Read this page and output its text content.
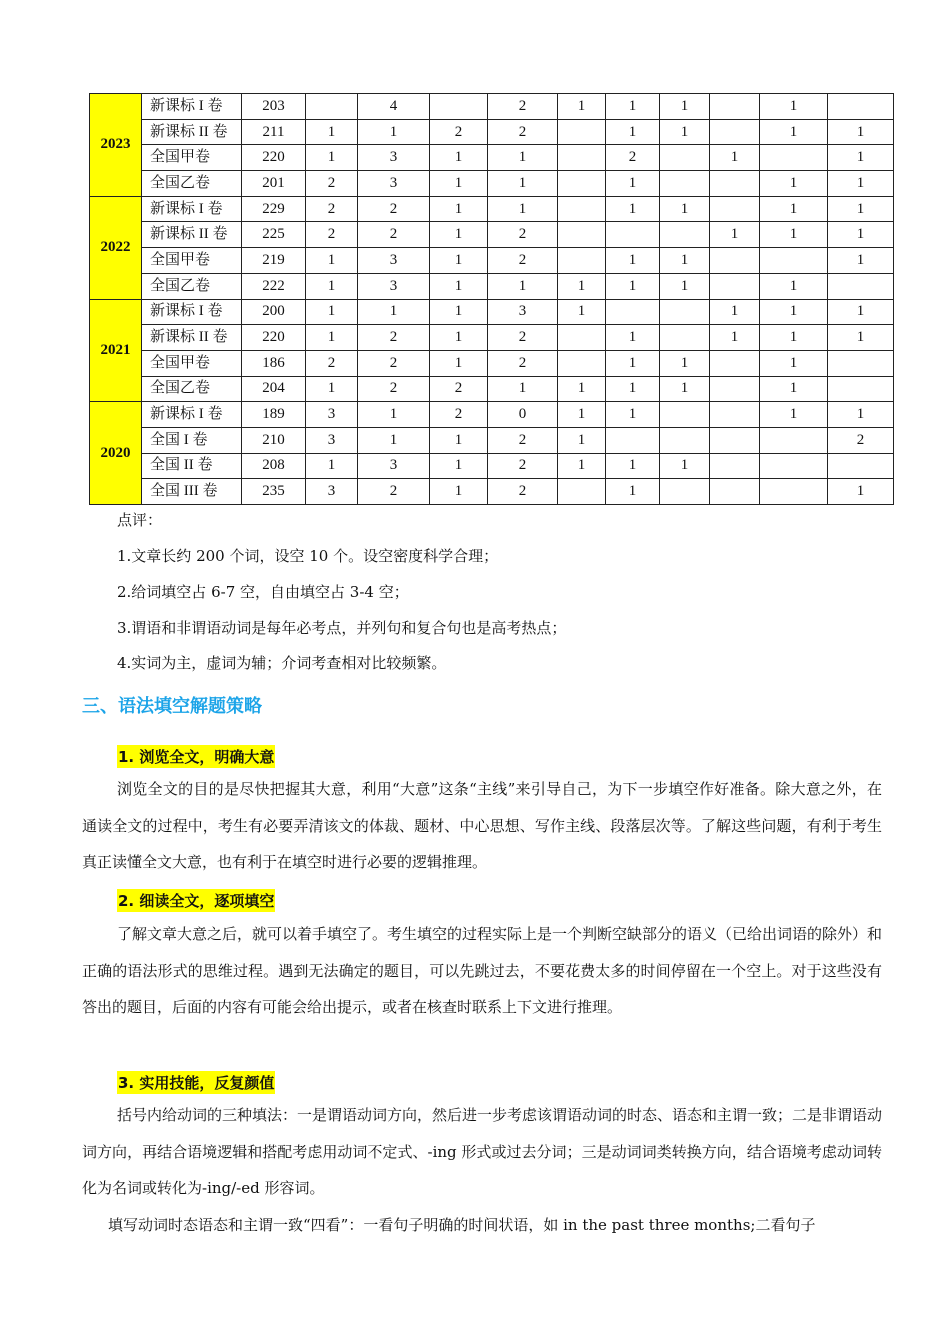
2023	新课标 I 卷	203		4		2	1	1	1		1	
	新课标 II 卷	211	1	1	2	2		1	1		1	1
	全国甲卷	220	1	3	1	1		2		1		1
	全国乙卷	201	2	3	1	1		1			1	1
2022	新课标 I 卷	229	2	2	1	1		1	1		1	1
	新课标 II 卷	225	2	2	1	2				1	1	1
	全国甲卷	219	1	3	1	2		1	1			1
	全国乙卷	222	1	3	1	1	1	1	1		1	
2021	新课标 I 卷	200	1	1	1	3	1			1	1	1
	新课标 II 卷	220	1	2	1	2		1		1	1	1
	全国甲卷	186	2	2	1	2		1	1		1	
	全国乙卷	204	1	2	2	1	1	1	1		1	
2020	新课标 I 卷	189	3	1	2	0	1	1			1	1
	全国 I 卷	210	3	1	1	2	1					2
	全国 II 卷	208	1	3	1	2	1	1	1			
	全国 III 卷	235	3	2	1	2		1				1
点评：
1.文章长约 200 个词，设空 10 个。设空密度科学合理；
2.给词填空占 6-7 空，自由填空占 3-4 空；
3.谓语和非谓语动词是每年必考点，并列句和复合句也是高考热点；
4.实词为主，虚词为辅；介词考查相对比较频繁。
三、语法填空解题策略
1. 浏览全文，明确大意
浏览全文的目的是尽快把握其大意，利用“大意”这条“主线”来引导自己，为下一步填空作好准备。除大意之外，在通读全文的过程中，考生有必要弄清该文的体裁、题材、中心思想、写作主线、段落层次等。了解这些问题，有利于考生真正读懂全文大意，也有利于在填空时进行必要的逻辑推理。
2. 细读全文，逐项填空
了解文章大意之后，就可以着手填空了。考生填空的过程实际上是一个判断空缺部分的语义（已给出词语的除外）和正确的语法形式的思维过程。遇到无法确定的题目，可以先跳过去，不要花费太多的时间停留在一个空上。对于这些没有答出的题目，后面的内容有可能会给出提示，或者在核查时联系上下文进行推理。
3. 实用技能，反复颜值
括号内给动词的三种填法：一是谓语动词方向，然后进一步考虑该谓语动词的时态、语态和主谓一致；二是非谓语动词方向，再结合语境逻辑和搭配考虑用动词不定式、-ing 形式或过去分词；三是动词词类转换方向，结合语境考虑动词转化为名词或转化为-ing/-ed 形容词。
填写动词时态语态和主谓一致“四看”：一看句子明确的时间状语，如 in the past three months;二看句子
